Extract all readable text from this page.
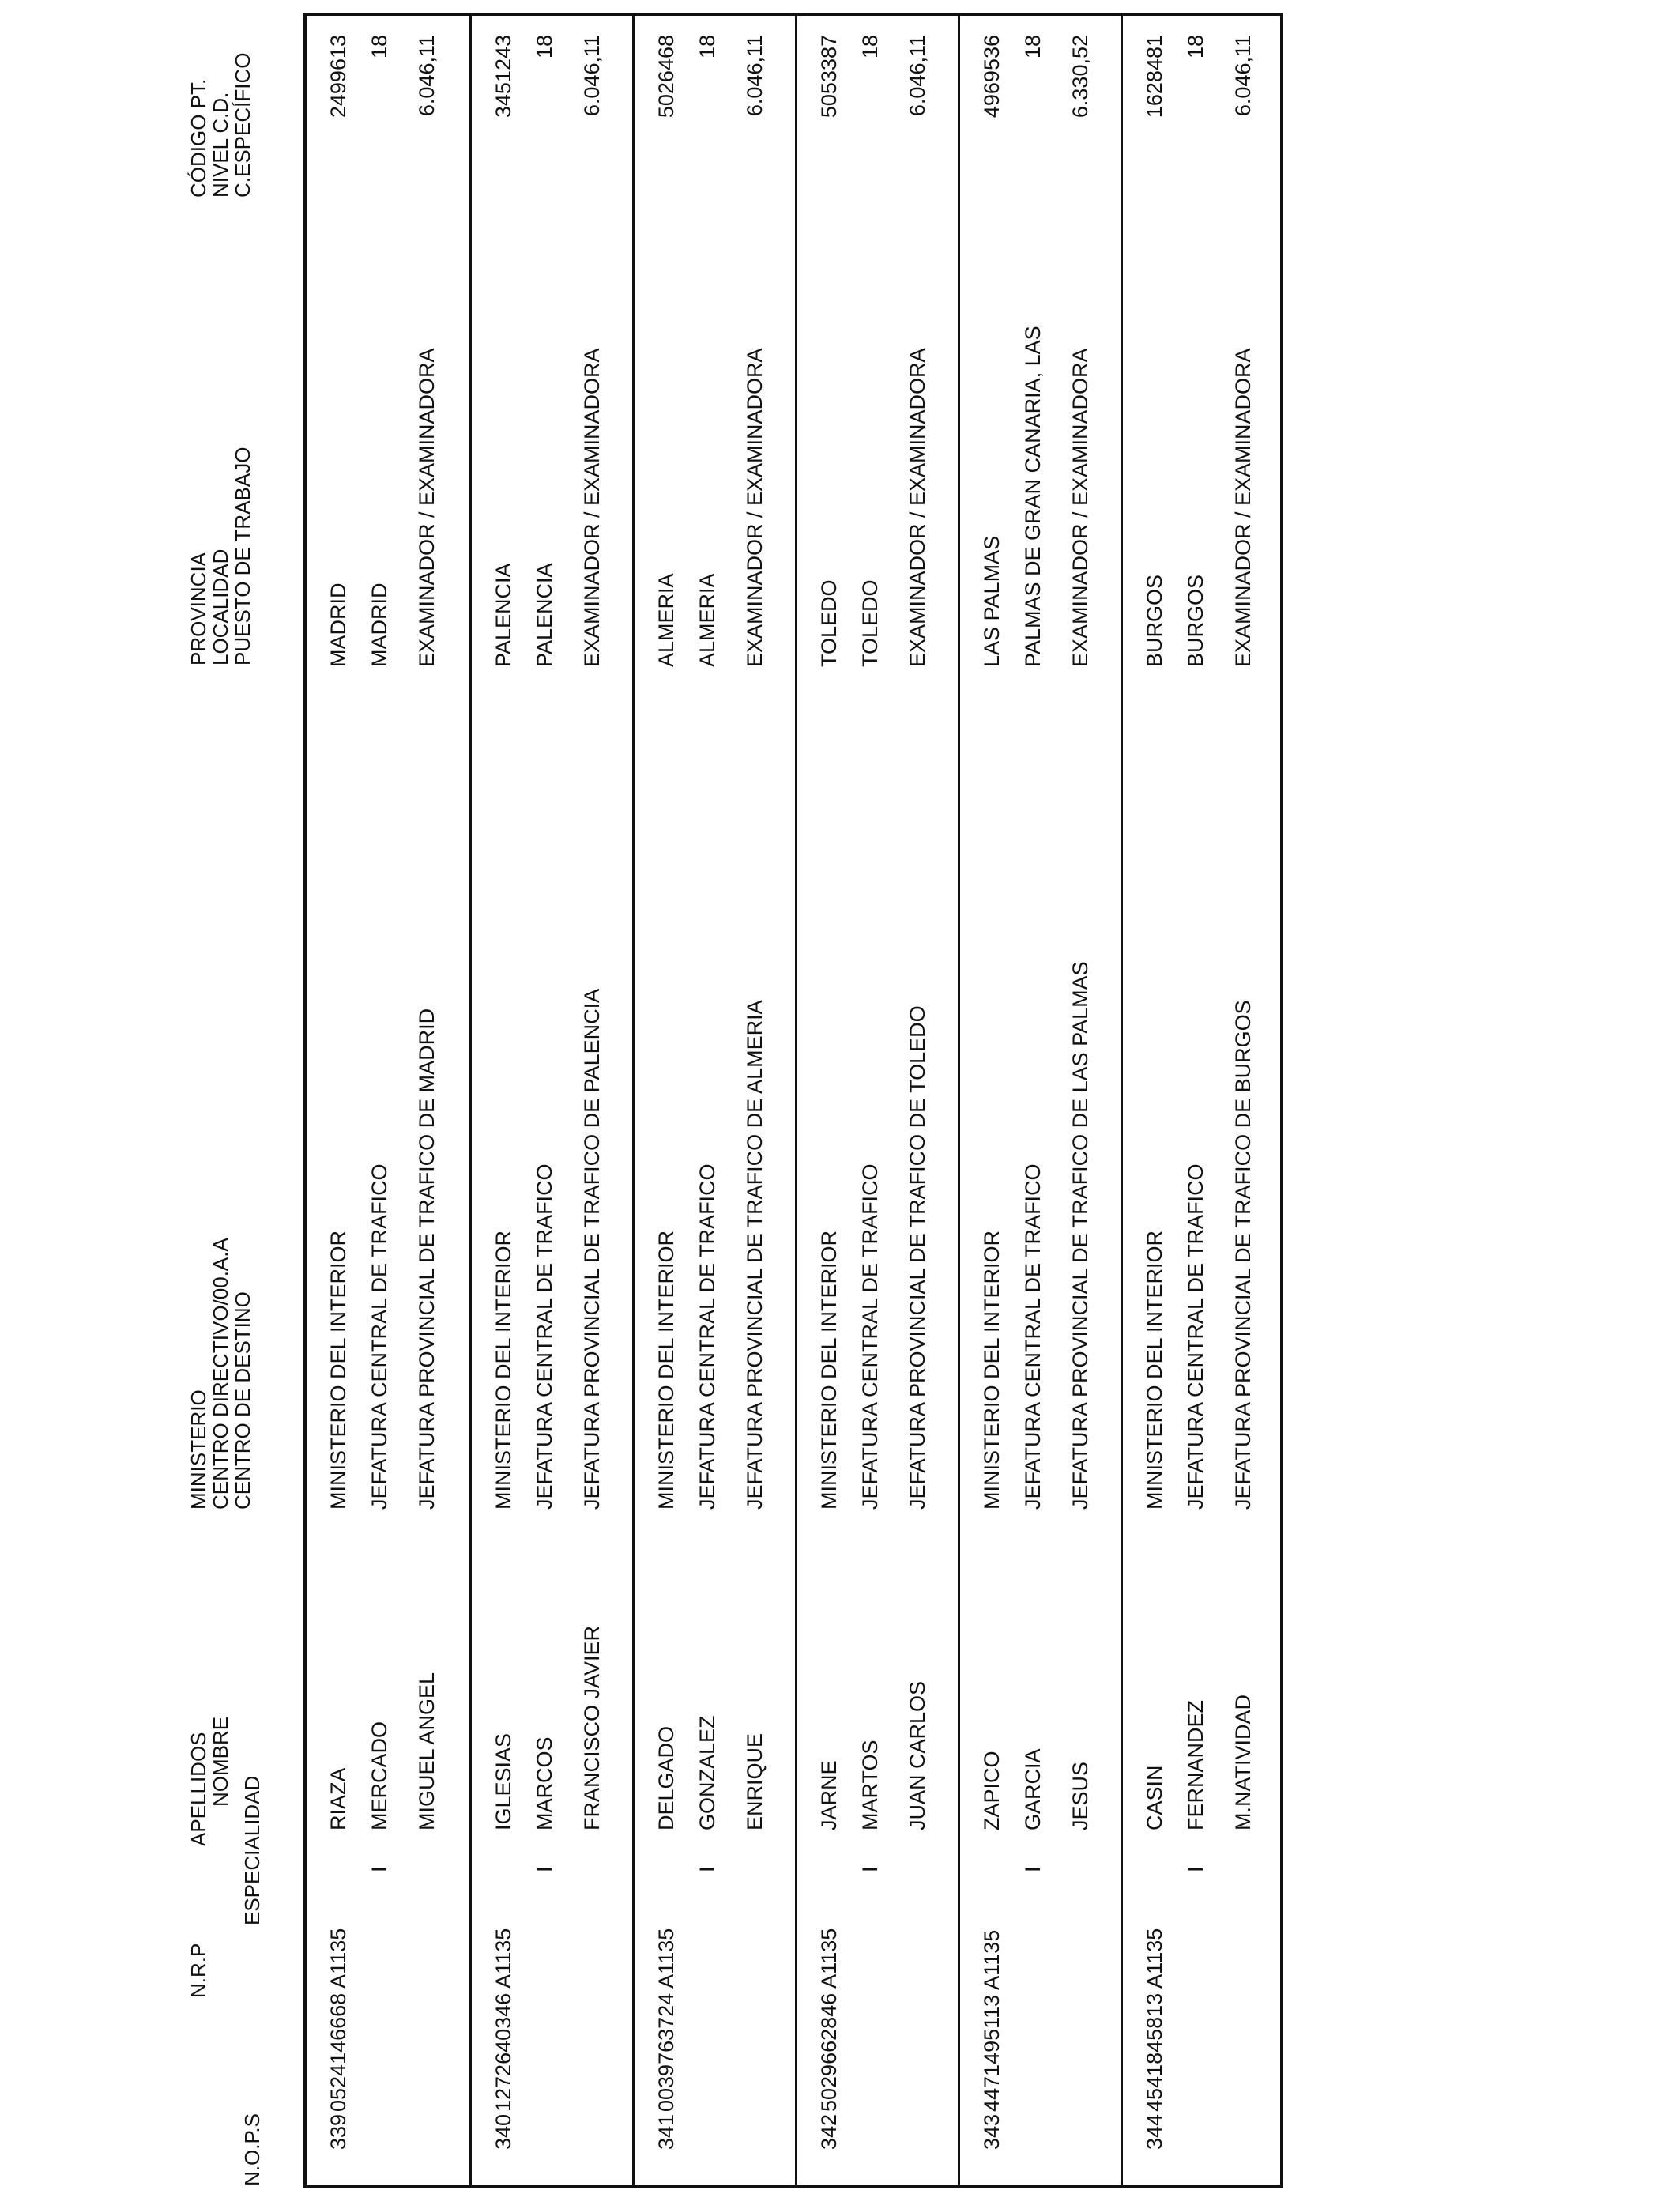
N.O.P.S
N.R.P
ESPECIALIDAD
APELLIDOS
NOMBRE
MINISTERIO
CENTRO DIRECTIVO/00.A.A
CENTRO DE DESTINO
PROVINCIA
LOCALIDAD
PUESTO DE TRABAJO
CÓDIGO PT.
NIVEL C.D.
C.ESPECÍFICO
339
0524146668 A1135
I
RIAZA MERCADO MIGUEL ANGEL
MINISTERIO DEL INTERIOR JEFATURA CENTRAL DE TRAFICO JEFATURA PROVINCIAL DE TRAFICO DE MADRID
MADRID MADRID EXAMINADOR / EXAMINADORA
2499613 18 6.046,11
340
1272640346 A1135
I
IGLESIAS MARCOS FRANCISCO JAVIER
MINISTERIO DEL INTERIOR JEFATURA CENTRAL DE TRAFICO JEFATURA PROVINCIAL DE TRAFICO DE PALENCIA
PALENCIA PALENCIA EXAMINADOR / EXAMINADORA
3451243 18 6.046,11
341
0039763724 A1135
I
DELGADO GONZALEZ ENRIQUE
MINISTERIO DEL INTERIOR JEFATURA CENTRAL DE TRAFICO JEFATURA PROVINCIAL DE TRAFICO DE ALMERIA
ALMERIA ALMERIA EXAMINADOR / EXAMINADORA
5026468 18 6.046,11
342
5029662846 A1135
I
JARNE MARTOS JUAN CARLOS
MINISTERIO DEL INTERIOR JEFATURA CENTRAL DE TRAFICO JEFATURA PROVINCIAL DE TRAFICO DE TOLEDO
TOLEDO TOLEDO EXAMINADOR / EXAMINADORA
5053387 18 6.046,11
343
4471495113 A1135
I
ZAPICO GARCIA JESUS
MINISTERIO DEL INTERIOR JEFATURA CENTRAL DE TRAFICO JEFATURA PROVINCIAL DE TRAFICO DE LAS PALMAS
LAS PALMAS PALMAS DE GRAN CANARIA, LAS EXAMINADOR / EXAMINADORA
4969536 18 6.330,52
344
4541845813 A1135
I
CASIN FERNANDEZ M.NATIVIDAD
MINISTERIO DEL INTERIOR JEFATURA CENTRAL DE TRAFICO JEFATURA PROVINCIAL DE TRAFICO DE BURGOS
BURGOS BURGOS EXAMINADOR / EXAMINADORA
1628481 18 6.046,11
